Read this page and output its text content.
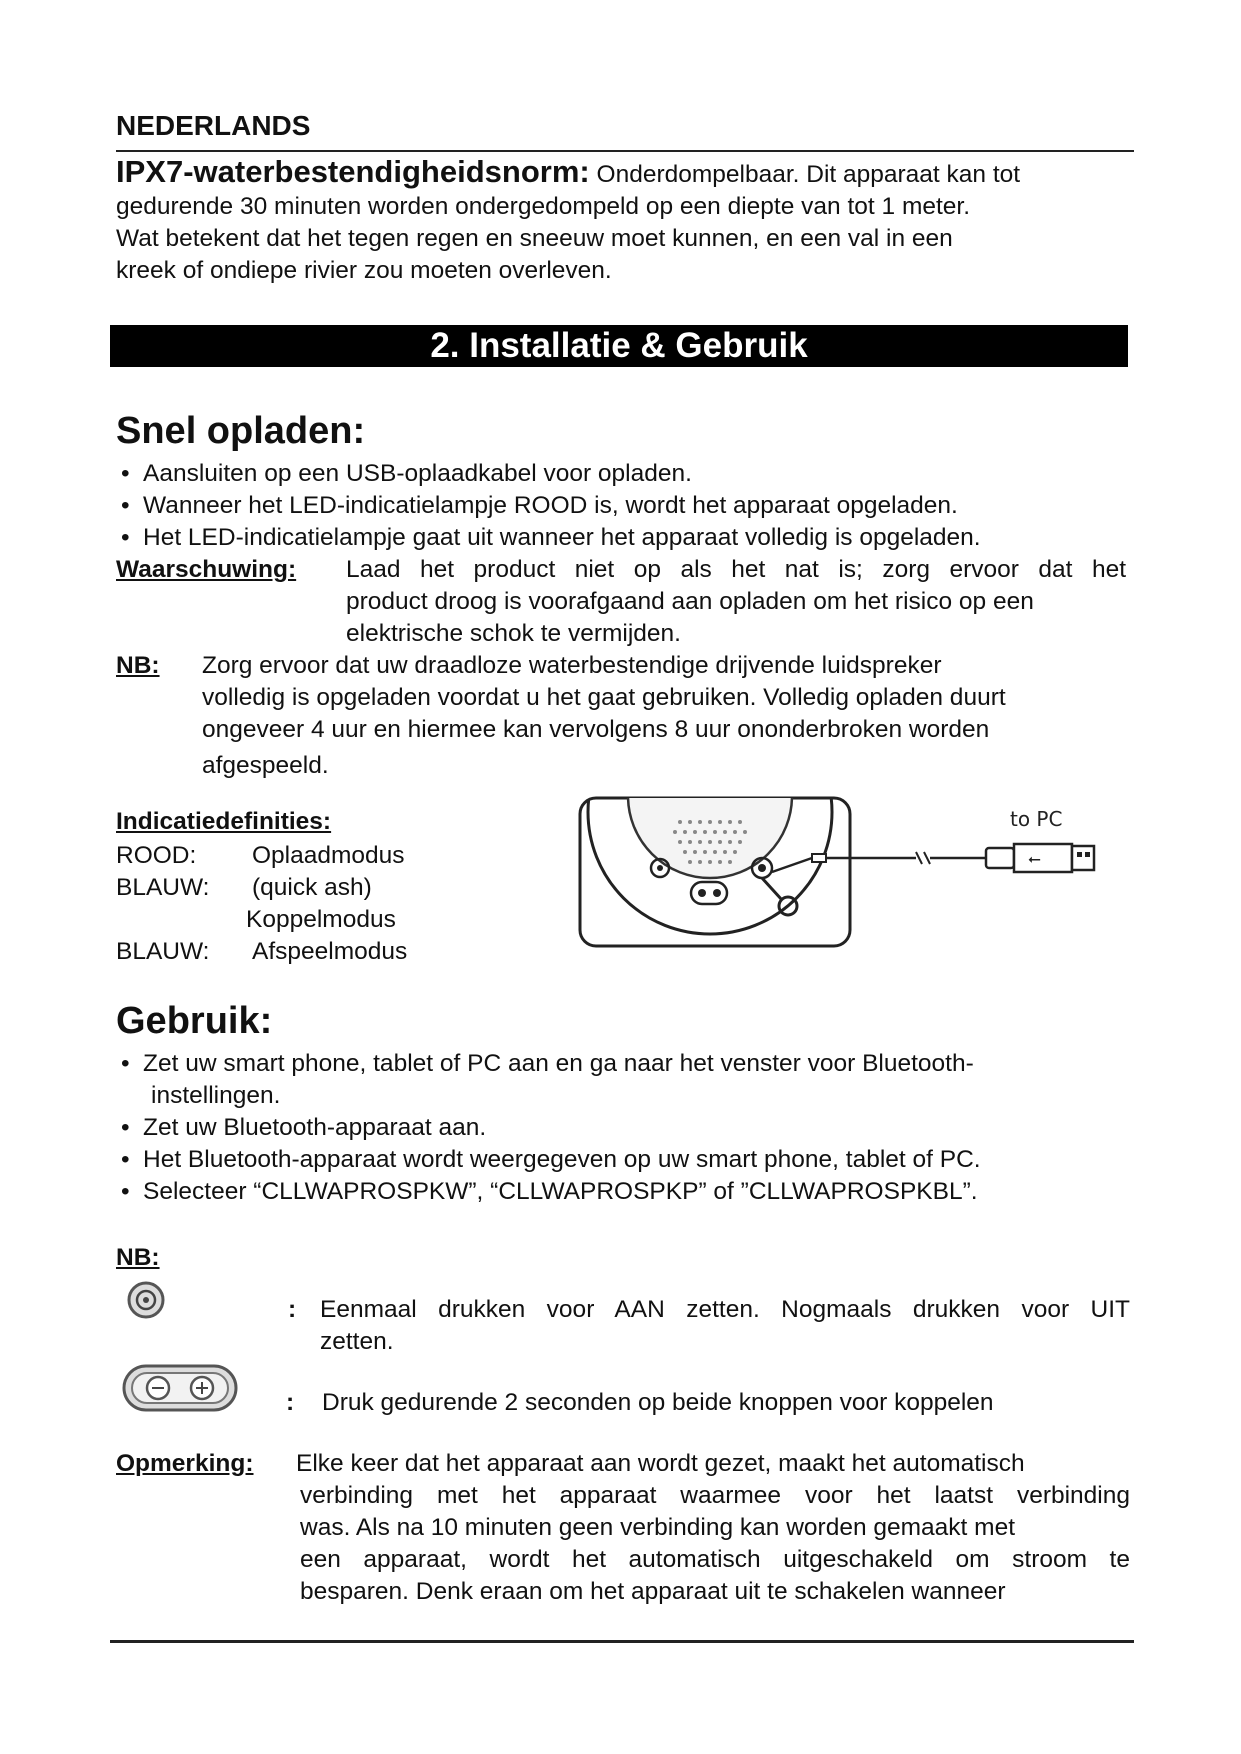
NEDERLANDS
IPX7-waterbestendigheidsnorm: Onderdompelbaar. Dit apparaat kan tot
gedurende 30 minuten worden ondergedompeld op een diepte van tot 1 meter.
Wat betekent dat het tegen regen en sneeuw moet kunnen, en een val in een
kreek of ondiepe rivier zou moeten overleven.
2. Installatie & Gebruik
Snel opladen:
• Aansluiten op een USB-oplaadkabel voor opladen.
• Wanneer het LED-indicatielampje ROOD is, wordt het apparaat opgeladen.
• Het LED-indicatielampje gaat uit wanneer het apparaat volledig is opgeladen.
Waarschuwing: Laad het product niet op als het nat is; zorg ervoor dat het
product droog is voorafgaand aan opladen om het risico op een
elektrische schok te vermijden.
NB: Zorg ervoor dat uw draadloze waterbestendige drijvende luidspreker
volledig is opgeladen voordat u het gaat gebruiken. Volledig opladen duurt
ongeveer 4 uur en hiermee kan vervolgens 8 uur ononderbroken worden
afgespeeld.
Indicatiedefinities:
ROOD: Oplaadmodus
BLAUW: (quick ash)
Koppelmodus
BLAUW: Afspeelmodus
⭠
to PC
Gebruik:
• Zet uw smart phone, tablet of PC aan en ga naar het venster voor Bluetooth-
instellingen.
• Zet uw Bluetooth-apparaat aan.
• Het Bluetooth-apparaat wordt weergegeven op uw smart phone, tablet of PC.
• Selecteer “CLLWAPROSPKW”, “CLLWAPROSPKP” of ”CLLWAPROSPKBL”.
NB:
: Eenmaal drukken voor AAN zetten. Nogmaals drukken voor UIT
zetten.
: Druk gedurende 2 seconden op beide knoppen voor koppelen
Opmerking: Elke keer dat het apparaat aan wordt gezet, maakt het automatisch
verbinding met het apparaat waarmee voor het laatst verbinding
was. Als na 10 minuten geen verbinding kan worden gemaakt met
een apparaat, wordt het automatisch uitgeschakeld om stroom te
besparen. Denk eraan om het apparaat uit te schakelen wanneer
